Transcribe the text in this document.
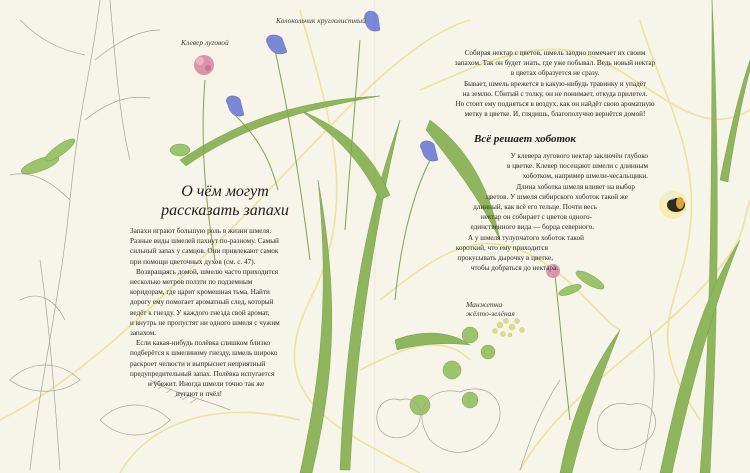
Клевер луговой
Колокольчик круглолистный
Манжетка
жёлто-зелёная
О чём могут
рассказать запахи

Запахи играют большую роль в жизни шмеля.

Разные виды шмелей пахнут по-разному. Самый

сильный запах у самцов. Они привлекают самок

при помощи цветочных духов (см. с. 47).

Возвращаясь домой, шмелю часто приходится

несколько метров ползти по подземным

коридорам, где царит кромешная тьма. Найти

дорогу ему помогает ароматный след, который

ведёт к гнезду. У каждого гнезда свой аромат,

и внутрь не пропустят ни одного шмеля с чужим

запахом.

Если какая-нибудь полёвка слишком близко

подберётся к шмелиному гнезду, шмель широко

раскроет челюсти и выпрыснет неприятный

предупредительный запах. Полёвка испугается

и убежит. Иногда шмели точно так же

пугают и пчёл!

Собирая нектар с цветов, шмель заодно помечает их своим

запахом. Так он будет знать, где уже побывал. Ведь новый нектар

в цветах образуется не сразу.

Бывает, шмель врежется в какую-нибудь травинку и упадёт

на землю. Сбитый с толку, он не понимает, откуда прилетел.

Но стоит ему подняться в воздух, как он найдёт свою ароматную

метку в цветке. И, глядишь, благополучно вернётся домой!

Всё решает хоботок

У клевера лугового нектар заключён глубоко

в цветке. Клевер посещают шмели с длинным

хоботком, например шмели-чесальщики.

Длина хоботка шмеля влияет на выбор

цветов. У шмеля сибирского хоботок такой же

длинный, как всё его тельце. Почти весь

нектар он собирает с цветов одного-

единственного вида — борца северного.

А у шмеля тулупчатого хоботок такой

короткий, что ему приходится

прокусывать дырочку в цветке,

чтобы добраться до нектара.
